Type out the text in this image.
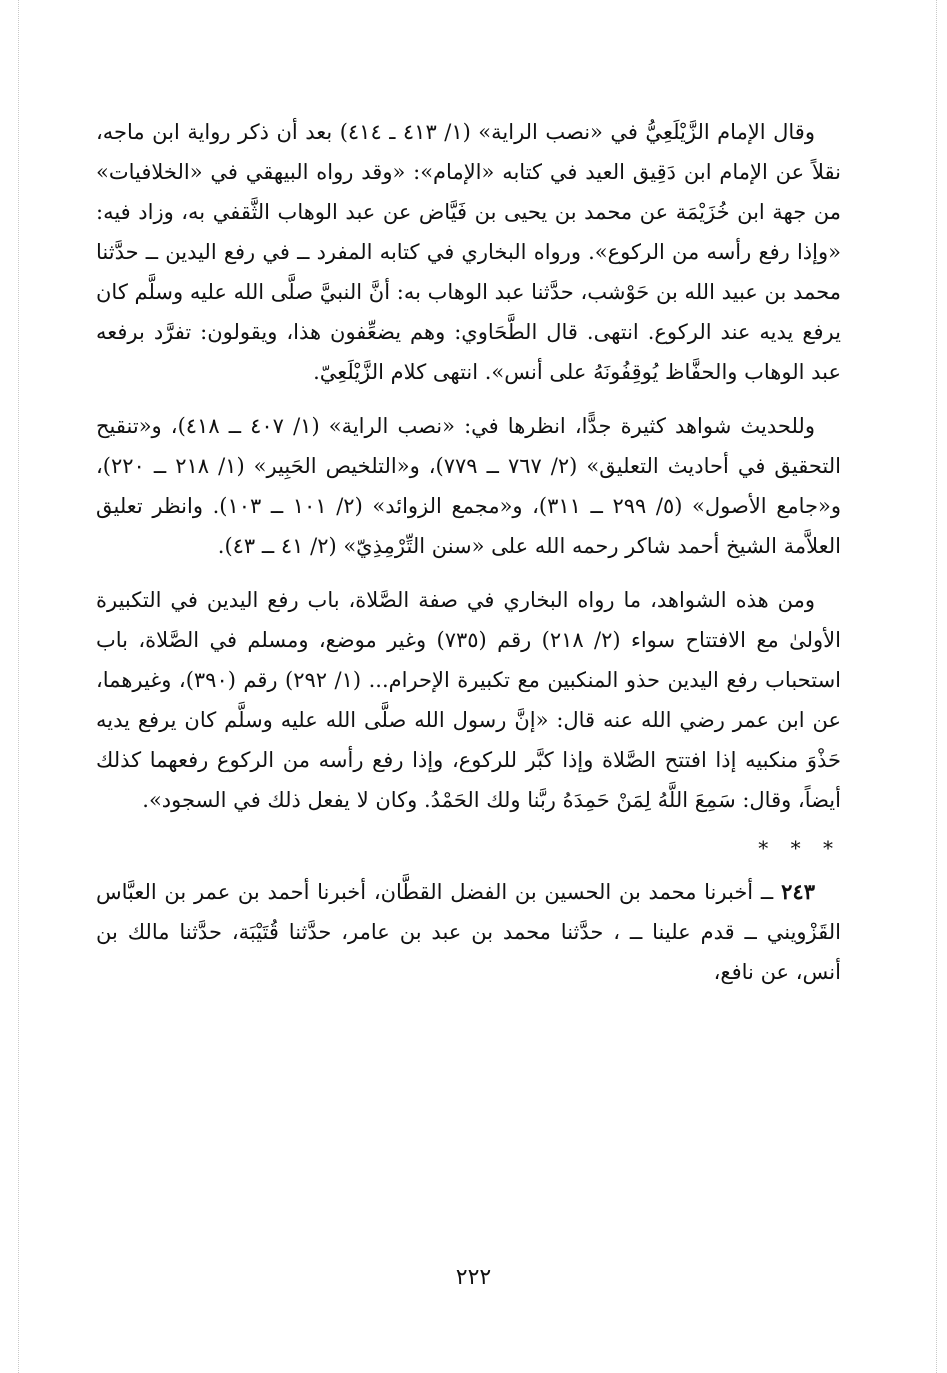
وقال الإمام الزَّيْلَعِيُّ في «نصب الراية» (١/ ٤١٣ ـ ٤١٤) بعد أن ذكر رواية ابن ماجه، نقلاً عن الإمام ابن دَقِيق العيد في كتابه «الإمام»: «وقد رواه البيهقي في «الخلافيات» من جهة ابن خُزَيْمَة عن محمد بن يحيى بن فَيَّاض عن عبد الوهاب الثَّقفي به، وزاد فيه: «وإذا رفع رأسه من الركوع». ورواه البخاري في كتابه المفرد ــ في رفع اليدين ــ حدَّثنا محمد بن عبيد الله بن حَوْشب، حدَّثنا عبد الوهاب به: أنَّ النبيَّ صلَّى الله عليه وسلَّم كان يرفع يديه عند الركوع. انتهى. قال الطَّحَاوي: وهم يضعِّفون هذا، ويقولون: تفرَّد برفعه عبد الوهاب والحفَّاظ يُوقِفُونَهُ على أنس». انتهى كلام الزَّيْلَعِيّ.

وللحديث شواهد كثيرة جدًّا، انظرها في: «نصب الراية» (١/ ٤٠٧ ــ ٤١٨)، و«تنقيح التحقيق في أحاديث التعليق» (٢/ ٧٦٧ ــ ٧٧٩)، و«التلخيص الحَبِير» (١/ ٢١٨ ــ ٢٢٠)، و«جامع الأصول» (٥/ ٢٩٩ ــ ٣١١)، و«مجمع الزوائد» (٢/ ١٠١ ــ ١٠٣). وانظر تعليق العلاَّمة الشيخ أحمد شاكر رحمه الله على «سنن التِّرْمِذِيّ» (٢/ ٤١ ــ ٤٣).

ومن هذه الشواهد، ما رواه البخاري في صفة الصَّلاة، باب رفع اليدين في التكبيرة الأولىٰ مع الافتتاح سواء (٢/ ٢١٨) رقم (٧٣٥) وغير موضع، ومسلم في الصَّلاة، باب استحباب رفع اليدين حذو المنكبين مع تكبيرة الإحرام... (١/ ٢٩٢) رقم (٣٩٠)، وغيرهما، عن ابن عمر رضي الله عنه قال: «إنَّ رسول الله صلَّى الله عليه وسلَّم كان يرفع يديه حَذْوَ منكبيه إذا افتتح الصَّلاة وإذا كبَّر للركوع، وإذا رفع رأسه من الركوع رفعهما كذلك أيضاً، وقال: سَمِعَ اللَّهُ لِمَنْ حَمِدَهُ ربَّنا ولك الحَمْدُ. وكان لا يفعل ذلك في السجود».

* * *

٢٤٣ــ أخبرنا محمد بن الحسين بن الفضل القطَّان، أخبرنا أحمد بن عمر بن العبَّاس القَزْويني ــ قدم علينا ــ ، حدَّثنا محمد بن عبد بن عامر، حدَّثنا قُتَيْبَة، حدَّثنا مالك بن أنس، عن نافع،

٢٢٢
